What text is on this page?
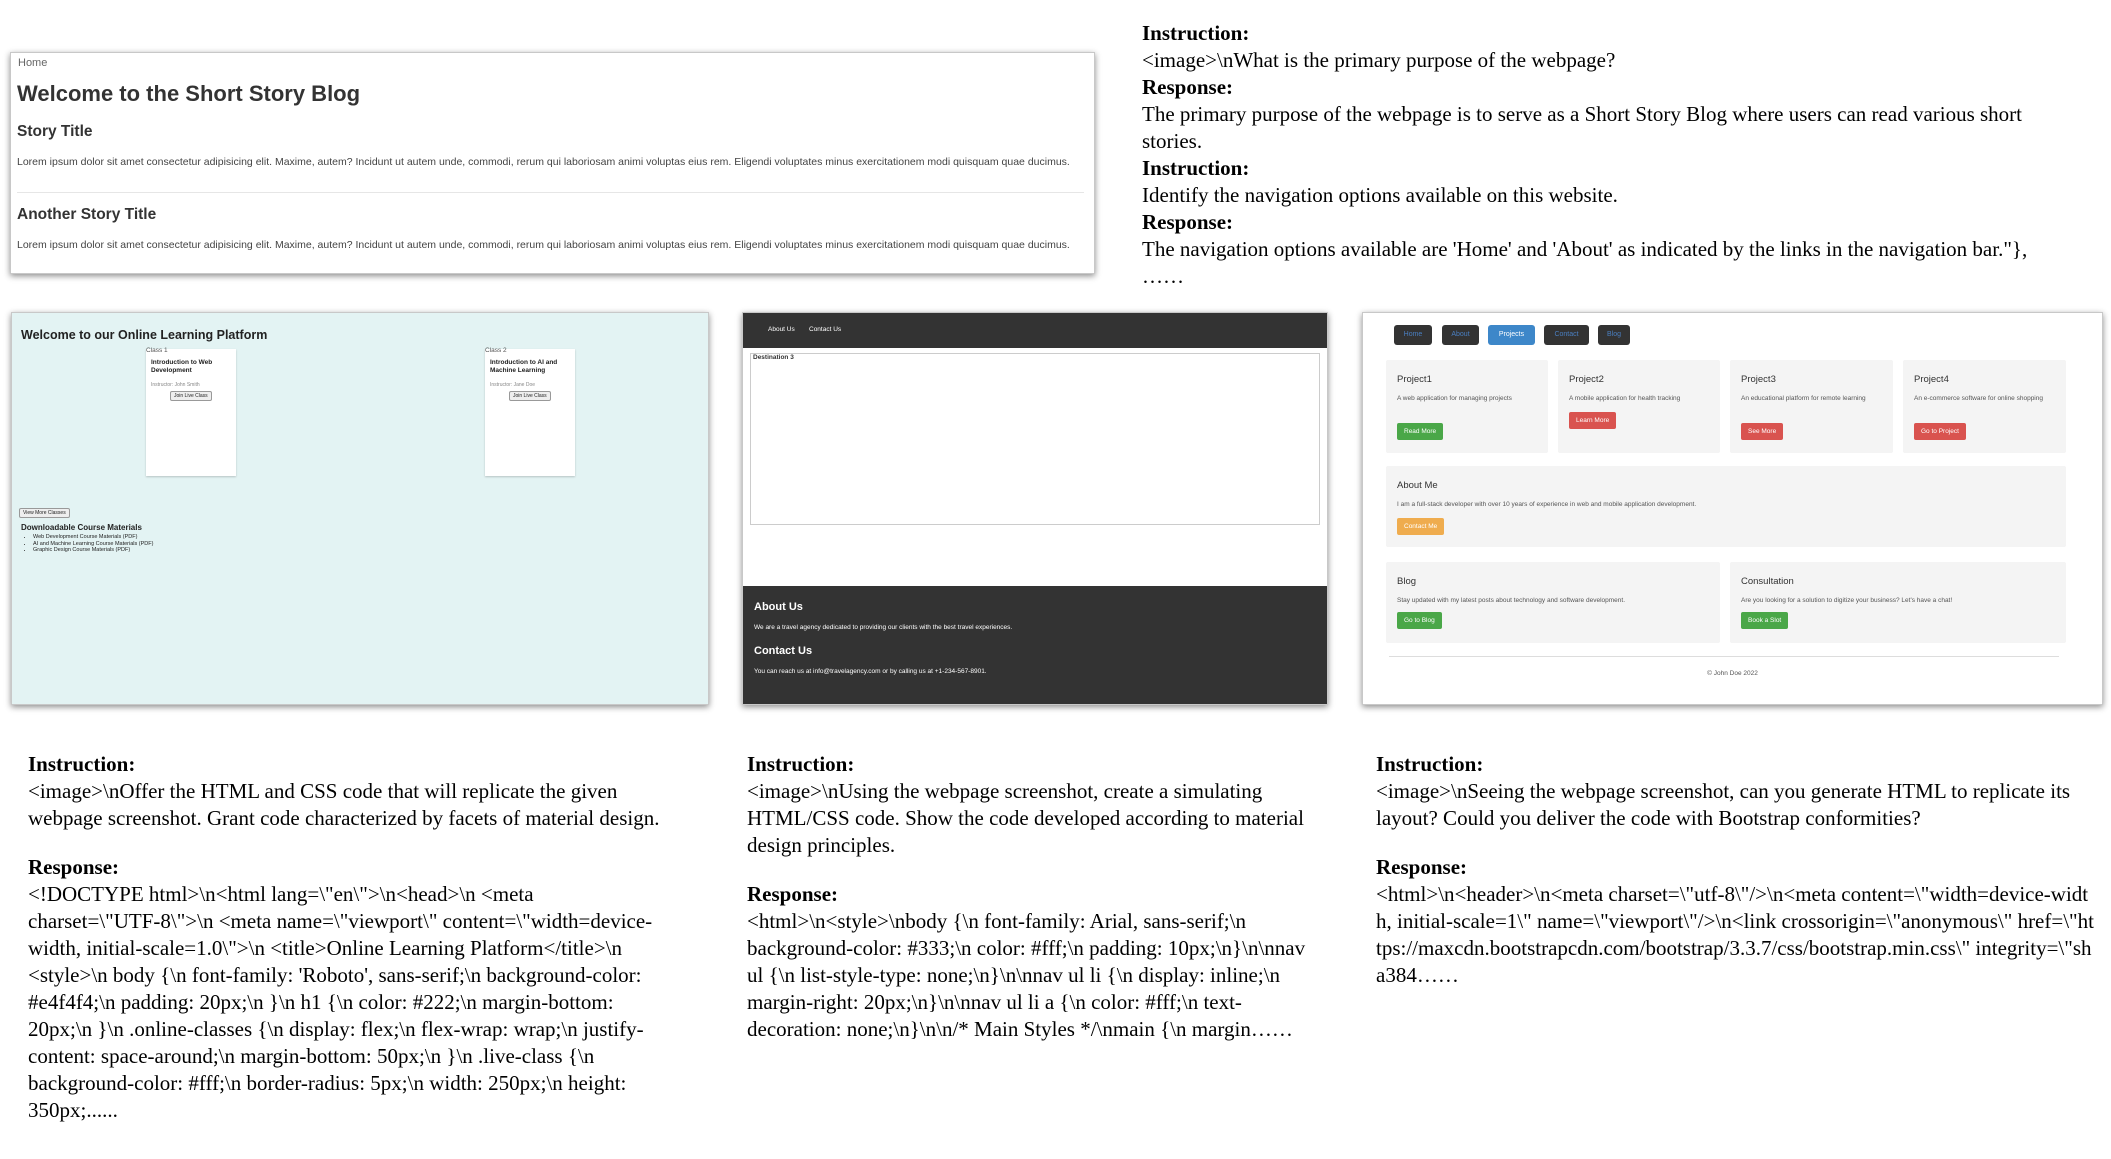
Home
Welcome to the Short Story Blog
Story Title
Lorem ipsum dolor sit amet consectetur adipisicing elit. Maxime, autem? Incidunt ut autem unde, commodi, rerum qui laboriosam animi voluptas eius rem. Eligendi voluptates minus exercitationem modi quisquam quae ducimus.
Another Story Title
Lorem ipsum dolor sit amet consectetur adipisicing elit. Maxime, autem? Incidunt ut autem unde, commodi, rerum qui laboriosam animi voluptas eius rem. Eligendi voluptates minus exercitationem modi quisquam quae ducimus.
Instruction:
<image>\nWhat is the primary purpose of the webpage?
Response:
The primary purpose of the webpage is to serve as a Short Story Blog where users can read various short stories.
Instruction:
Identify the navigation options available on this website.
Response:
The navigation options available are 'Home' and 'About' as indicated by the links in the navigation bar."},
……
Welcome to our Online Learning Platform
Class 1
Introduction to Web Development
Instructor: John Smith
Join Live Class
Class 2
Introduction to AI and Machine Learning
Instructor: Jane Doe
Join Live Class
View More Classes
Downloadable Course Materials
• Web Development Course Materials (PDF)
• AI and Machine Learning Course Materials (PDF)
• Graphic Design Course Materials (PDF)
About Us Contact Us
Destination 3
About Us
We are a travel agency dedicated to providing our clients with the best travel experiences.
Contact Us
You can reach us at info@travelagency.com or by calling us at +1-234-567-8901.
Home	About	Projects	Contact	Blog
Project1
A web application for managing projects
Read More
Project2
A mobile application for health tracking
Learn More
Project3
An educational platform for remote learning
See More
Project4
An e-commerce software for online shopping
Go to Project
About Me
I am a full-stack developer with over 10 years of experience in web and mobile application development.
Contact Me
Blog
Stay updated with my latest posts about technology and software development.
Go to Blog
Consultation
Are you looking for a solution to digitize your business? Let's have a chat!
Book a Slot
© John Doe 2022
Instruction:
<image>\nOffer the HTML and CSS code that will replicate the given webpage screenshot. Grant code characterized by facets of material design.
Response:
<!DOCTYPE html>\n<html lang=\"en\">\n<head>\n <meta charset=\"UTF-8\">\n <meta name=\"viewport\" content=\"width=device-width, initial-scale=1.0\">\n <title>Online Learning Platform</title>\n <style>\n body {\n font-family: 'Roboto', sans-serif;\n background-color: #e4f4f4;\n padding: 20px;\n }\n h1 {\n color: #222;\n margin-bottom: 20px;\n }\n .online-classes {\n display: flex;\n flex-wrap: wrap;\n justify-content: space-around;\n margin-bottom: 50px;\n }\n .live-class {\n background-color: #fff;\n border-radius: 5px;\n width: 250px;\n height: 350px;......
Instruction:
<image>\nUsing the webpage screenshot, create a simulating HTML/CSS code. Show the code developed according to material design principles.
Response:
<html>\n<style>\nbody {\n font-family: Arial, sans-serif;\n background-color: #333;\n color: #fff;\n padding: 10px;\n}\n\nnav ul {\n list-style-type: none;\n}\n\nnav ul li {\n display: inline;\n margin-right: 20px;\n}\n\nnav ul li a {\n color: #fff;\n text-decoration: none;\n}\n\n/* Main Styles */\nmain {\n margin……
Instruction:
<image>\nSeeing the webpage screenshot, can you generate HTML to replicate its layout? Could you deliver the code with Bootstrap conformities?
Response:
<html>\n<header>\n<meta charset=\"utf-8\"/>\n<meta content=\"width=device-width, initial-scale=1\" name=\"viewport\"/>\n<link crossorigin=\"anonymous\" href=\"https://maxcdn.bootstrapcdn.com/bootstrap/3.3.7/css/bootstrap.min.css\" integrity=\"sha384……
